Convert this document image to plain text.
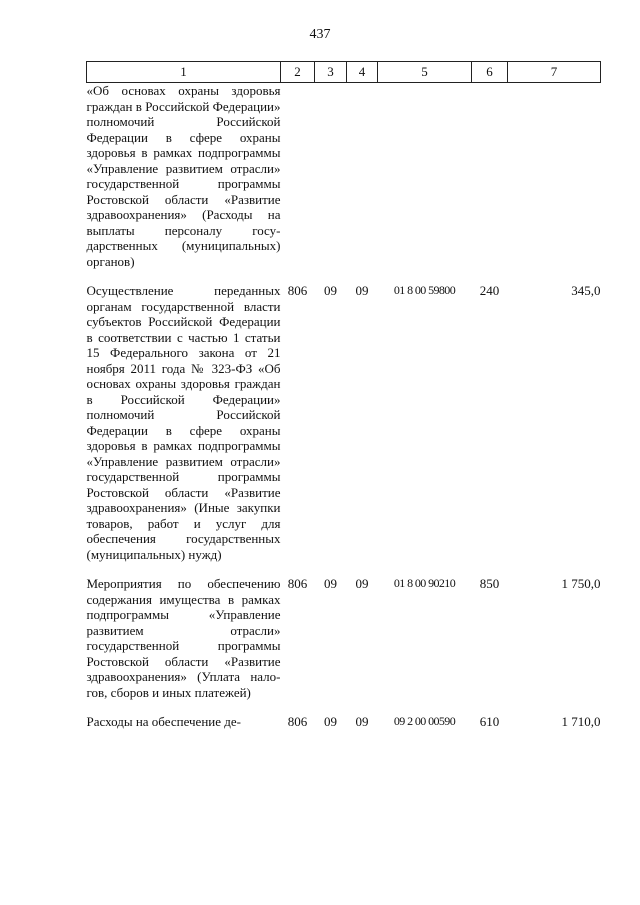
437
1	2	3	4	5	6	7
«Об основах охраны здоровья граждан в Российской Федерации» полномочий Российской Федерации в сфере охраны здоровья в рамках подпрограммы «Управление развитием отрасли» государственной программы Ростовской области «Развитие здравоохранения» (Расходы на выплаты персоналу государственных (муниципальных) органов)						
Осуществление переданных органам государственной власти субъектов Российской Федерации в соответствии с частью 1 статьи 15 Федерального закона от 21 ноября 2011 года № 323-ФЗ «Об основах охраны здоровья граждан в Российской Федерации» полномочий Российской Федерации в сфере охраны здоровья в рамках подпрограммы «Управление развитием отрасли» государственной программы Ростовской области «Развитие здравоохранения» (Иные закупки товаров, работ и услуг для обеспечения государственных (муниципальных) нужд)	806	09	09	01 8 00 59800	240	345,0
Мероприятия по обеспечению содержания имущества в рамках подпрограммы «Управление развитием отрасли» государственной программы Ростовской области «Развитие здравоохранения» (Уплата налогов, сборов и иных платежей)	806	09	09	01 8 00 90210	850	1 750,0
Расходы на обеспечение де-	806	09	09	09 2 00 00590	610	1 710,0
